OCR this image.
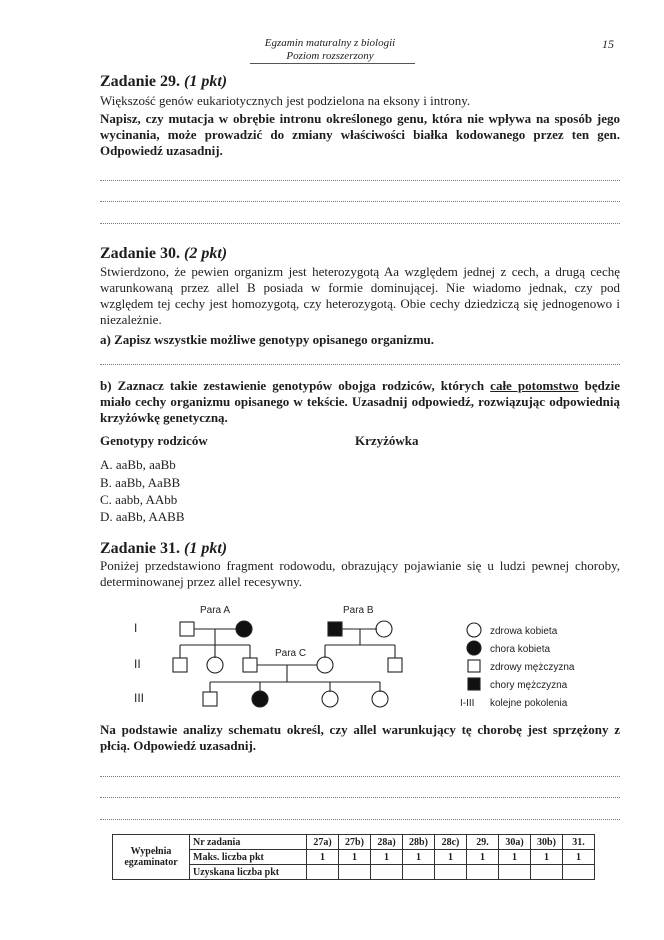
Egzamin maturalny z biologii
Poziom rozszerzony
15
Zadanie 29. (1 pkt)
Większość genów eukariotycznych jest podzielona na eksony i introny.
Napisz, czy mutacja w obrębie intronu określonego genu, która nie wpływa na sposób jego wycinania, może prowadzić do zmiany właściwości białka kodowanego przez ten gen. Odpowiedź uzasadnij.
Zadanie 30. (2 pkt)
Stwierdzono, że pewien organizm jest heterozygotą Aa względem jednej z cech, a drugą cechę warunkowaną przez allel B posiada w formie dominującej. Nie wiadomo jednak, czy pod względem tej cechy jest homozygotą, czy heterozygotą. Obie cechy dziedziczą się jednogenowo i niezależnie.
a) Zapisz wszystkie możliwe genotypy opisanego organizmu.
b) Zaznacz takie zestawienie genotypów obojga rodziców, których całe potomstwo będzie miało cechy organizmu opisanego w tekście. Uzasadnij odpowiedź, rozwiązując odpowiednią krzyżówkę genetyczną.
Genotypy rodziców	Krzyżówka
A. aaBb, aaBb
B. aaBb, AaBB
C. aabb, AAbb
D. aaBb, AABB
Zadanie 31. (1 pkt)
Poniżej przedstawiono fragment rodowodu, obrazujący pojawianie się u ludzi pewnej choroby, determinowanej przez allel recesywny.
I
II
III
Para A	Para B
Para C
zdrowa kobieta
chora kobieta
zdrowy mężczyzna
chory mężczyzna
I-III kolejne pokolenia
Na podstawie analizy schematu określ, czy allel warunkujący tę chorobę jest sprzężony z płcią. Odpowiedź uzasadnij.
Wypełnia
egzaminator	Nr zadania	27a)	27b)	28a)	28b)	28c)	29.	30a)	30b)	31.
	Maks. liczba pkt	1	1	1	1	1	1	1	1	1
	Uzyskana liczba pkt									
